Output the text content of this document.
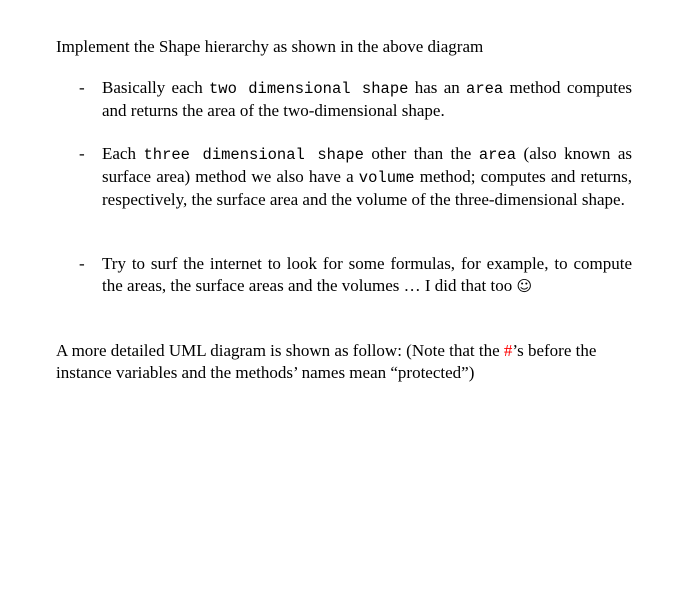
Implement the Shape hierarchy as shown in the above diagram

- Basically each two dimensional shape has an area method computes and returns the area of the two-dimensional shape.

- Each three dimensional shape other than the area (also known as surface area) method we also have a volume method; computes and returns, respectively, the surface area and the volume of the three-dimensional shape.

- Try to surf the internet to look for some formulas, for example, to compute the areas, the surface areas and the volumes … I did that too ☺

A more detailed UML diagram is shown as follow: (Note that the #’s before the instance variables and the methods’ names mean “protected”)
